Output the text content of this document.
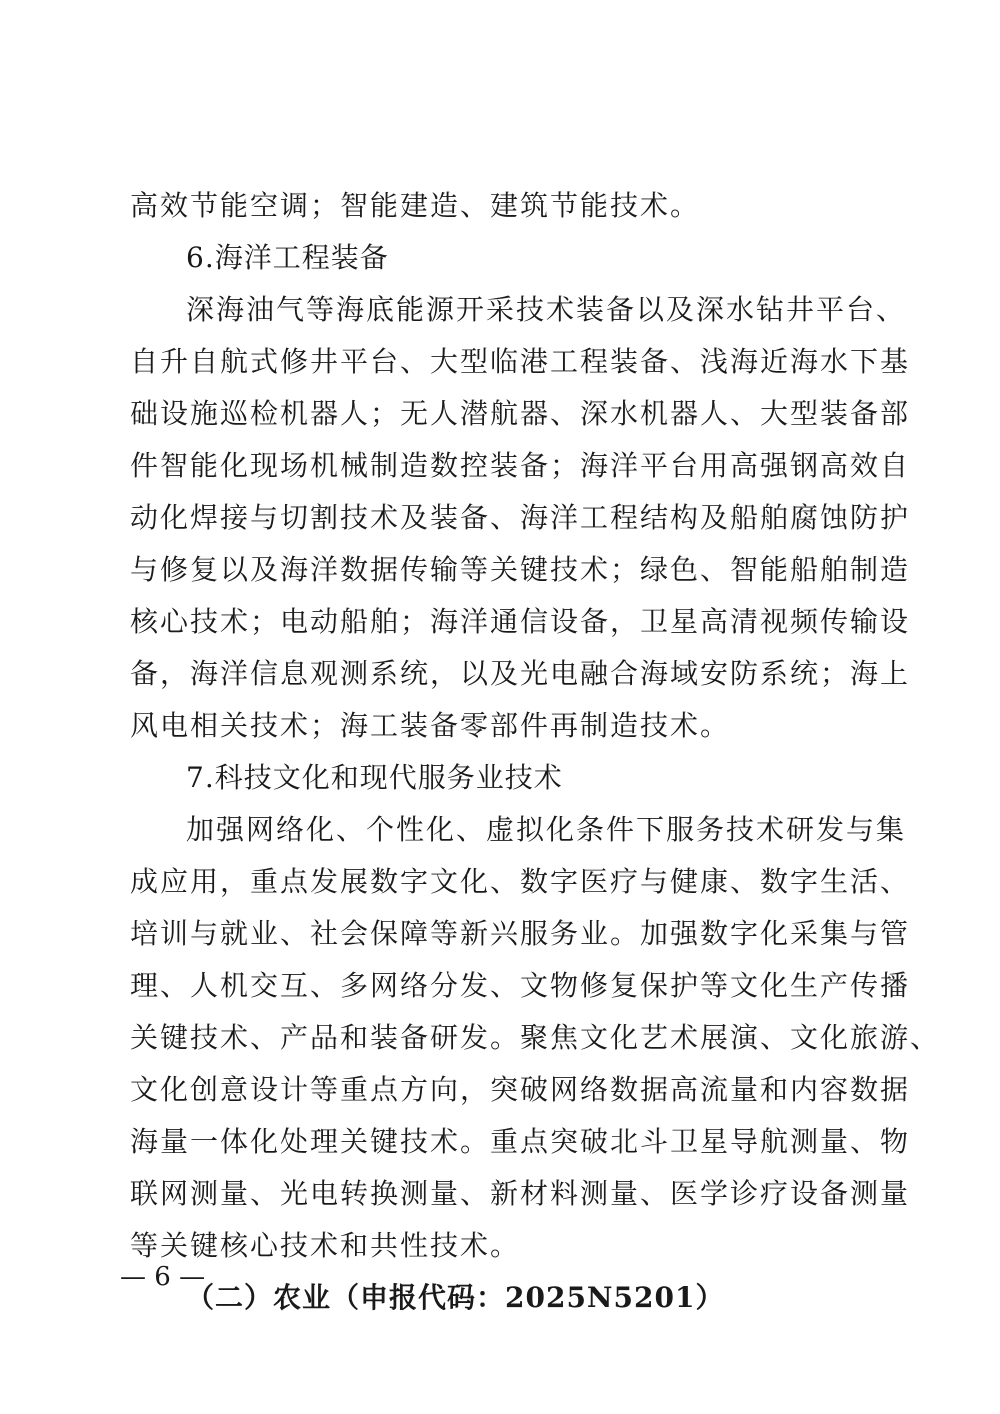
高效节能空调；智能建造、建筑节能技术。
6.海洋工程装备
深海油气等海底能源开采技术装备以及深水钻井平台、
自升自航式修井平台、大型临港工程装备、浅海近海水下基
础设施巡检机器人；无人潜航器、深水机器人、大型装备部
件智能化现场机械制造数控装备；海洋平台用高强钢高效自
动化焊接与切割技术及装备、海洋工程结构及船舶腐蚀防护
与修复以及海洋数据传输等关键技术；绿色、智能船舶制造
核心技术；电动船舶；海洋通信设备，卫星高清视频传输设
备，海洋信息观测系统，以及光电融合海域安防系统；海上
风电相关技术；海工装备零部件再制造技术。
7.科技文化和现代服务业技术
加强网络化、个性化、虚拟化条件下服务技术研发与集
成应用，重点发展数字文化、数字医疗与健康、数字生活、
培训与就业、社会保障等新兴服务业。加强数字化采集与管
理、人机交互、多网络分发、文物修复保护等文化生产传播
关键技术、产品和装备研发。聚焦文化艺术展演、文化旅游、
文化创意设计等重点方向，突破网络数据高流量和内容数据
海量一体化处理关键技术。重点突破北斗卫星导航测量、物
联网测量、光电转换测量、新材料测量、医学诊疗设备测量
等关键核心技术和共性技术。
（二）农业（申报代码：2025N5201）
— 6 —
